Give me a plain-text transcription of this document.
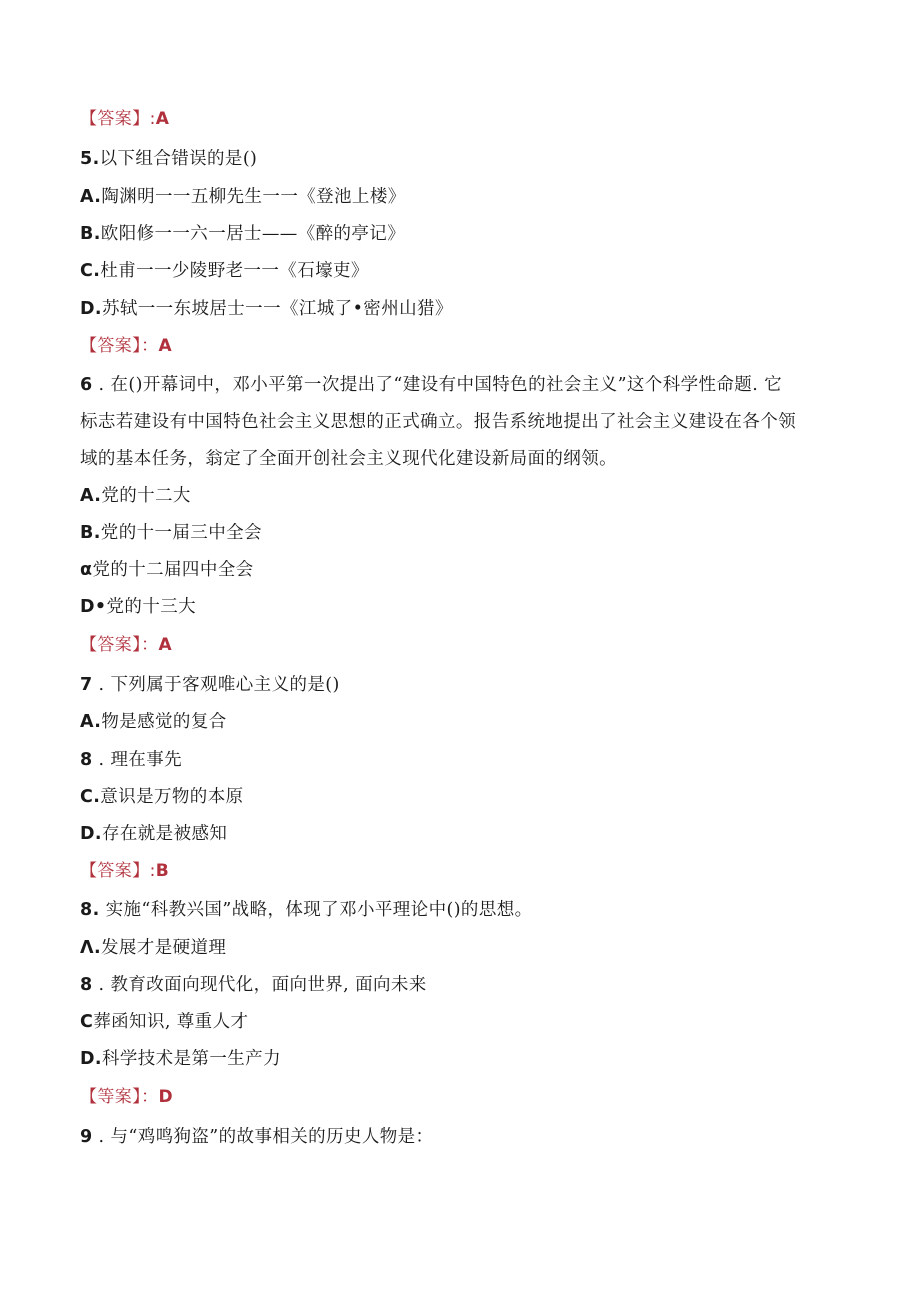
【答案】:A
5.以下组合错误的是()
A.陶渊明一一五柳先生一一《登池上楼》
B.欧阳修一一六一居士——《醉的亭记》
C.杜甫一一少陵野老一一《石壕吏》
D.苏轼一一东坡居士一一《江城了•密州山猎》
【答案】：A
6 . 在()开幕词中，邓小平第一次提出了“建设有中国特色的社会主义”这个科学性命题. 它
标志若建设有中国特色社会主义思想的正式确立。报告系统地提出了社会主义建设在各个领
域的基本任务，翁定了全面开创社会主义现代化建设新局面的纲领。
A.党的十二大
B.党的十一届三中全会
α党的十二届四中全会
D•党的十三大
【答案】：A
7 . 下列属于客观唯心主义的是()
A.物是感觉的复合
8 . 理在事先
C.意识是万物的本原
D.存在就是被感知
【答案】:B
8. 实施“科教兴国”战略，体现了邓小平理论中()的思想。
Λ.发展才是硬道理
8 . 教育改面向现代化，面向世界, 面向未来
C葬函知识, 尊重人才
D.科学技术是第一生产力
【等案】：D
9 . 与“鸡鸣狗盗”的故事相关的历史人物是：
